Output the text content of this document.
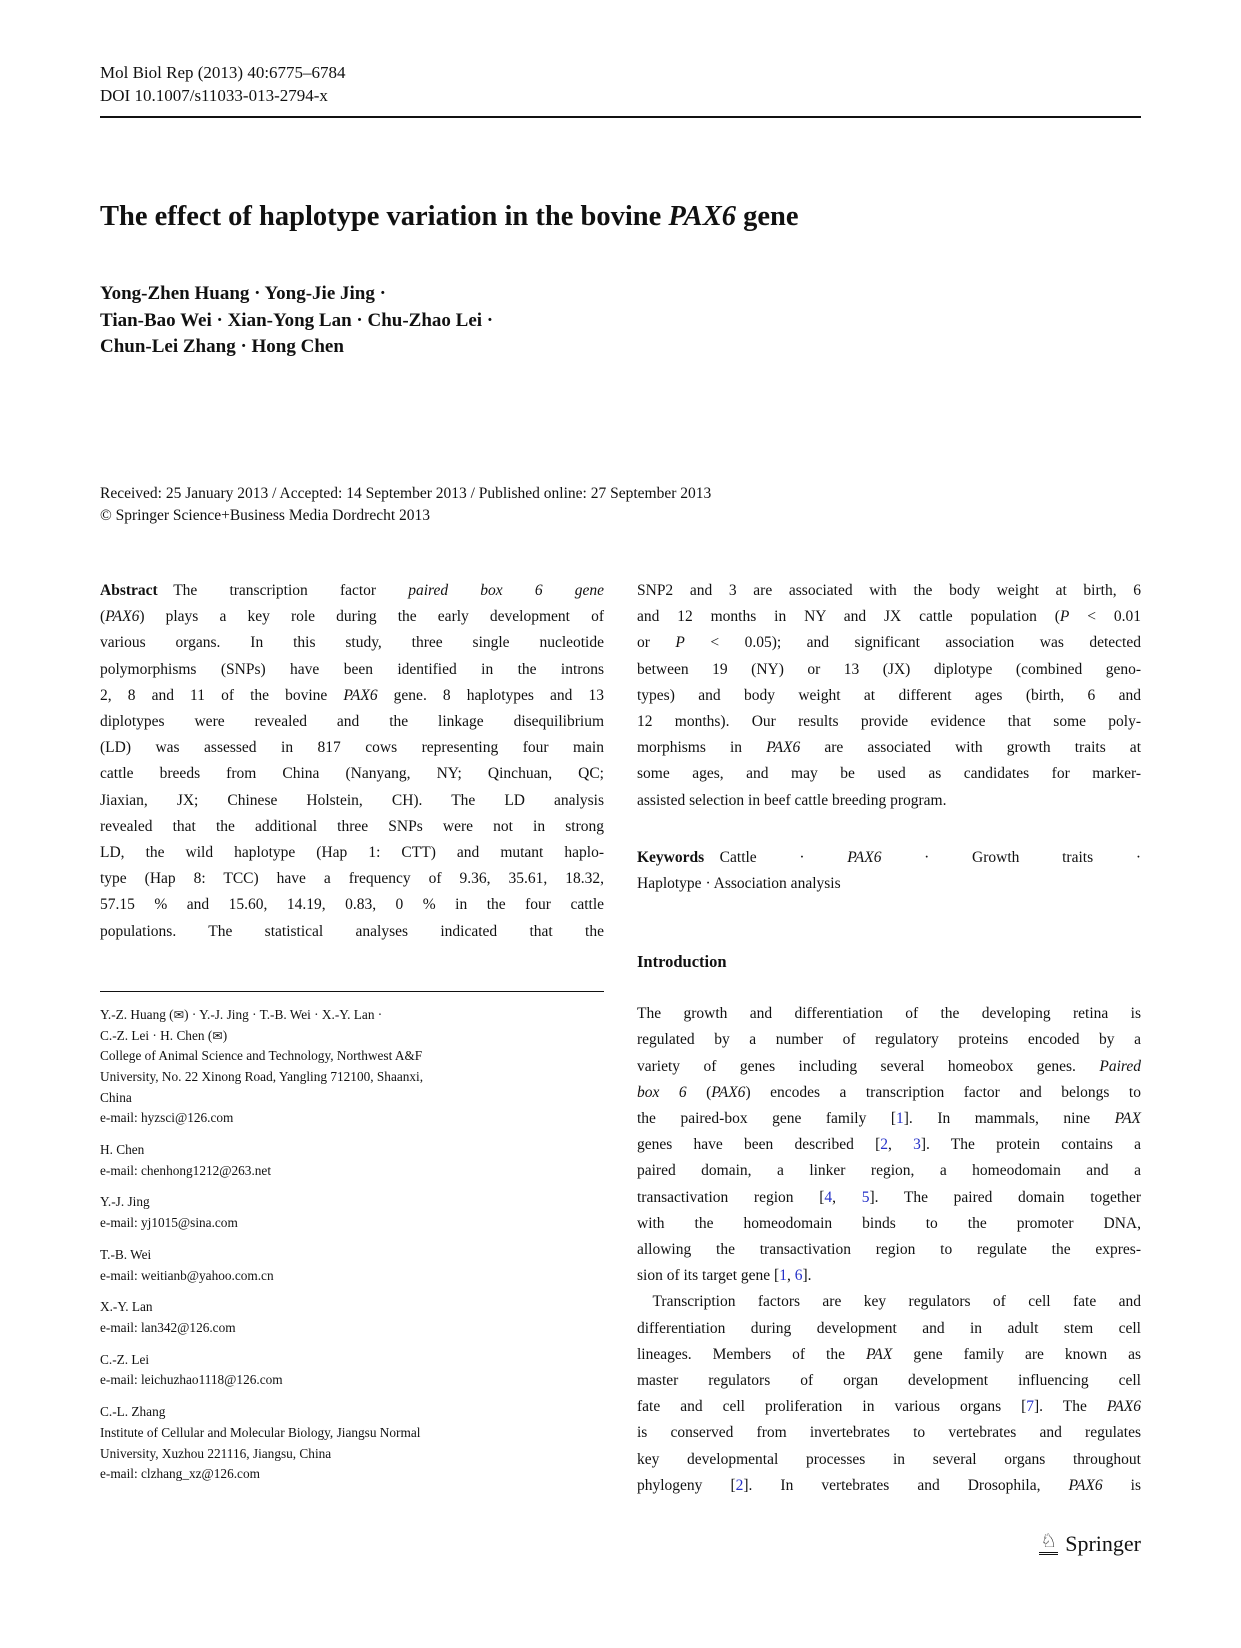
Mol Biol Rep (2013) 40:6775–6784
DOI 10.1007/s11033-013-2794-x
The effect of haplotype variation in the bovine PAX6 gene
Yong-Zhen Huang · Yong-Jie Jing ·
Tian-Bao Wei · Xian-Yong Lan · Chu-Zhao Lei ·
Chun-Lei Zhang · Hong Chen
Received: 25 January 2013 / Accepted: 14 September 2013 / Published online: 27 September 2013
© Springer Science+Business Media Dordrecht 2013
Abstract The transcription factor paired box 6 gene
(PAX6) plays a key role during the early development of
various organs. In this study, three single nucleotide
polymorphisms (SNPs) have been identified in the introns
2, 8 and 11 of the bovine PAX6 gene. 8 haplotypes and 13
diplotypes were revealed and the linkage disequilibrium
(LD) was assessed in 817 cows representing four main
cattle breeds from China (Nanyang, NY; Qinchuan, QC;
Jiaxian, JX; Chinese Holstein, CH). The LD analysis
revealed that the additional three SNPs were not in strong
LD, the wild haplotype (Hap 1: CTT) and mutant haplo-
type (Hap 8: TCC) have a frequency of 9.36, 35.61, 18.32,
57.15 % and 15.60, 14.19, 0.83, 0 % in the four cattle
populations. The statistical analyses indicated that the
Y.-Z. Huang (✉) · Y.-J. Jing · T.-B. Wei · X.-Y. Lan ·
C.-Z. Lei · H. Chen (✉)
College of Animal Science and Technology, Northwest A&F
University, No. 22 Xinong Road, Yangling 712100, Shaanxi,
China
e-mail: hyzsci@126.com
H. Chen
e-mail: chenhong1212@263.net
Y.-J. Jing
e-mail: yj1015@sina.com
T.-B. Wei
e-mail: weitianb@yahoo.com.cn
X.-Y. Lan
e-mail: lan342@126.com
C.-Z. Lei
e-mail: leichuzhao1118@126.com
C.-L. Zhang
Institute of Cellular and Molecular Biology, Jiangsu Normal
University, Xuzhou 221116, Jiangsu, China
e-mail: clzhang_xz@126.com
SNP2 and 3 are associated with the body weight at birth, 6
and 12 months in NY and JX cattle population (P < 0.01
or P < 0.05); and significant association was detected
between 19 (NY) or 13 (JX) diplotype (combined geno-
types) and body weight at different ages (birth, 6 and
12 months). Our results provide evidence that some poly-
morphisms in PAX6 are associated with growth traits at
some ages, and may be used as candidates for marker-
assisted selection in beef cattle breeding program.
Keywords Cattle · PAX6 · Growth traits ·
Haplotype · Association analysis
Introduction
The growth and differentiation of the developing retina is
regulated by a number of regulatory proteins encoded by a
variety of genes including several homeobox genes. Paired
box 6 (PAX6) encodes a transcription factor and belongs to
the paired-box gene family [1]. In mammals, nine PAX
genes have been described [2, 3]. The protein contains a
paired domain, a linker region, a homeodomain and a
transactivation region [4, 5]. The paired domain together
with the homeodomain binds to the promoter DNA,
allowing the transactivation region to regulate the expres-
sion of its target gene [1, 6].
 Transcription factors are key regulators of cell fate and
differentiation during development and in adult stem cell
lineages. Members of the PAX gene family are known as
master regulators of organ development influencing cell
fate and cell proliferation in various organs [7]. The PAX6
is conserved from invertebrates to vertebrates and regulates
key developmental processes in several organs throughout
phylogeny [2]. In vertebrates and Drosophila, PAX6 is
♘ Springer
